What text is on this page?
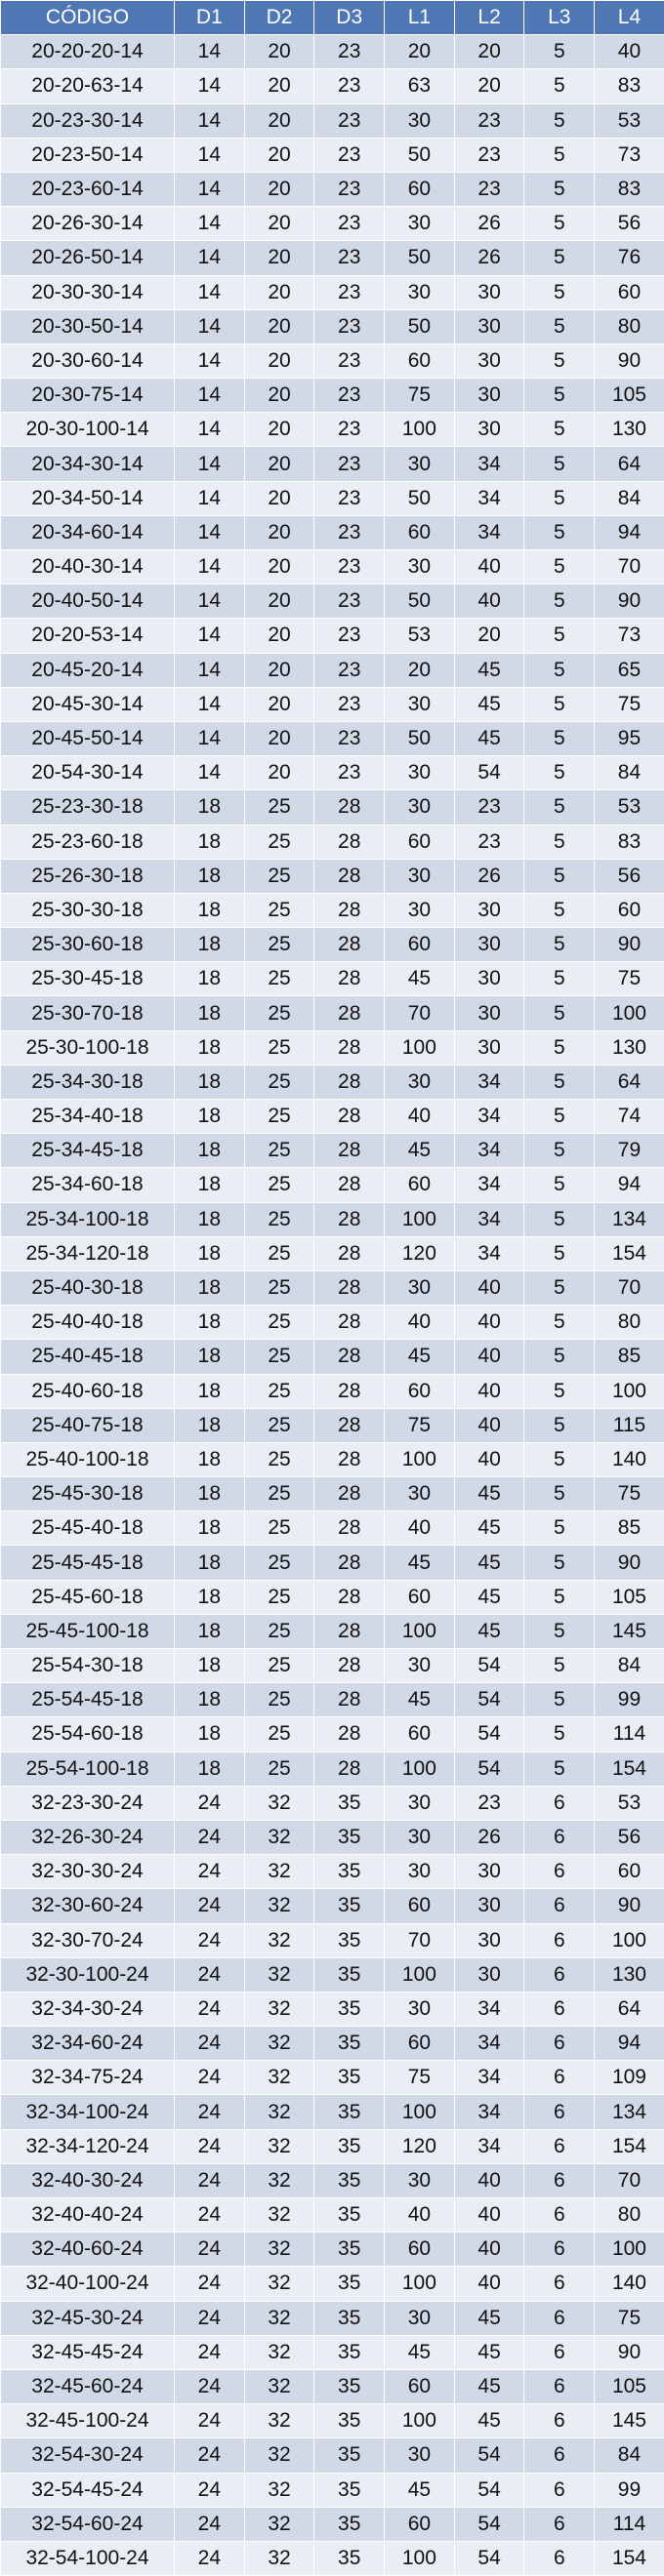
CÓDIGO	D1	D2	D3	L1	L2	L3	L4
20-20-20-14	14	20	23	20	20	5	40
20-20-63-14	14	20	23	63	20	5	83
20-23-30-14	14	20	23	30	23	5	53
20-23-50-14	14	20	23	50	23	5	73
20-23-60-14	14	20	23	60	23	5	83
20-26-30-14	14	20	23	30	26	5	56
20-26-50-14	14	20	23	50	26	5	76
20-30-30-14	14	20	23	30	30	5	60
20-30-50-14	14	20	23	50	30	5	80
20-30-60-14	14	20	23	60	30	5	90
20-30-75-14	14	20	23	75	30	5	105
20-30-100-14	14	20	23	100	30	5	130
20-34-30-14	14	20	23	30	34	5	64
20-34-50-14	14	20	23	50	34	5	84
20-34-60-14	14	20	23	60	34	5	94
20-40-30-14	14	20	23	30	40	5	70
20-40-50-14	14	20	23	50	40	5	90
20-20-53-14	14	20	23	53	20	5	73
20-45-20-14	14	20	23	20	45	5	65
20-45-30-14	14	20	23	30	45	5	75
20-45-50-14	14	20	23	50	45	5	95
20-54-30-14	14	20	23	30	54	5	84
25-23-30-18	18	25	28	30	23	5	53
25-23-60-18	18	25	28	60	23	5	83
25-26-30-18	18	25	28	30	26	5	56
25-30-30-18	18	25	28	30	30	5	60
25-30-60-18	18	25	28	60	30	5	90
25-30-45-18	18	25	28	45	30	5	75
25-30-70-18	18	25	28	70	30	5	100
25-30-100-18	18	25	28	100	30	5	130
25-34-30-18	18	25	28	30	34	5	64
25-34-40-18	18	25	28	40	34	5	74
25-34-45-18	18	25	28	45	34	5	79
25-34-60-18	18	25	28	60	34	5	94
25-34-100-18	18	25	28	100	34	5	134
25-34-120-18	18	25	28	120	34	5	154
25-40-30-18	18	25	28	30	40	5	70
25-40-40-18	18	25	28	40	40	5	80
25-40-45-18	18	25	28	45	40	5	85
25-40-60-18	18	25	28	60	40	5	100
25-40-75-18	18	25	28	75	40	5	115
25-40-100-18	18	25	28	100	40	5	140
25-45-30-18	18	25	28	30	45	5	75
25-45-40-18	18	25	28	40	45	5	85
25-45-45-18	18	25	28	45	45	5	90
25-45-60-18	18	25	28	60	45	5	105
25-45-100-18	18	25	28	100	45	5	145
25-54-30-18	18	25	28	30	54	5	84
25-54-45-18	18	25	28	45	54	5	99
25-54-60-18	18	25	28	60	54	5	114
25-54-100-18	18	25	28	100	54	5	154
32-23-30-24	24	32	35	30	23	6	53
32-26-30-24	24	32	35	30	26	6	56
32-30-30-24	24	32	35	30	30	6	60
32-30-60-24	24	32	35	60	30	6	90
32-30-70-24	24	32	35	70	30	6	100
32-30-100-24	24	32	35	100	30	6	130
32-34-30-24	24	32	35	30	34	6	64
32-34-60-24	24	32	35	60	34	6	94
32-34-75-24	24	32	35	75	34	6	109
32-34-100-24	24	32	35	100	34	6	134
32-34-120-24	24	32	35	120	34	6	154
32-40-30-24	24	32	35	30	40	6	70
32-40-40-24	24	32	35	40	40	6	80
32-40-60-24	24	32	35	60	40	6	100
32-40-100-24	24	32	35	100	40	6	140
32-45-30-24	24	32	35	30	45	6	75
32-45-45-24	24	32	35	45	45	6	90
32-45-60-24	24	32	35	60	45	6	105
32-45-100-24	24	32	35	100	45	6	145
32-54-30-24	24	32	35	30	54	6	84
32-54-45-24	24	32	35	45	54	6	99
32-54-60-24	24	32	35	60	54	6	114
32-54-100-24	24	32	35	100	54	6	154
